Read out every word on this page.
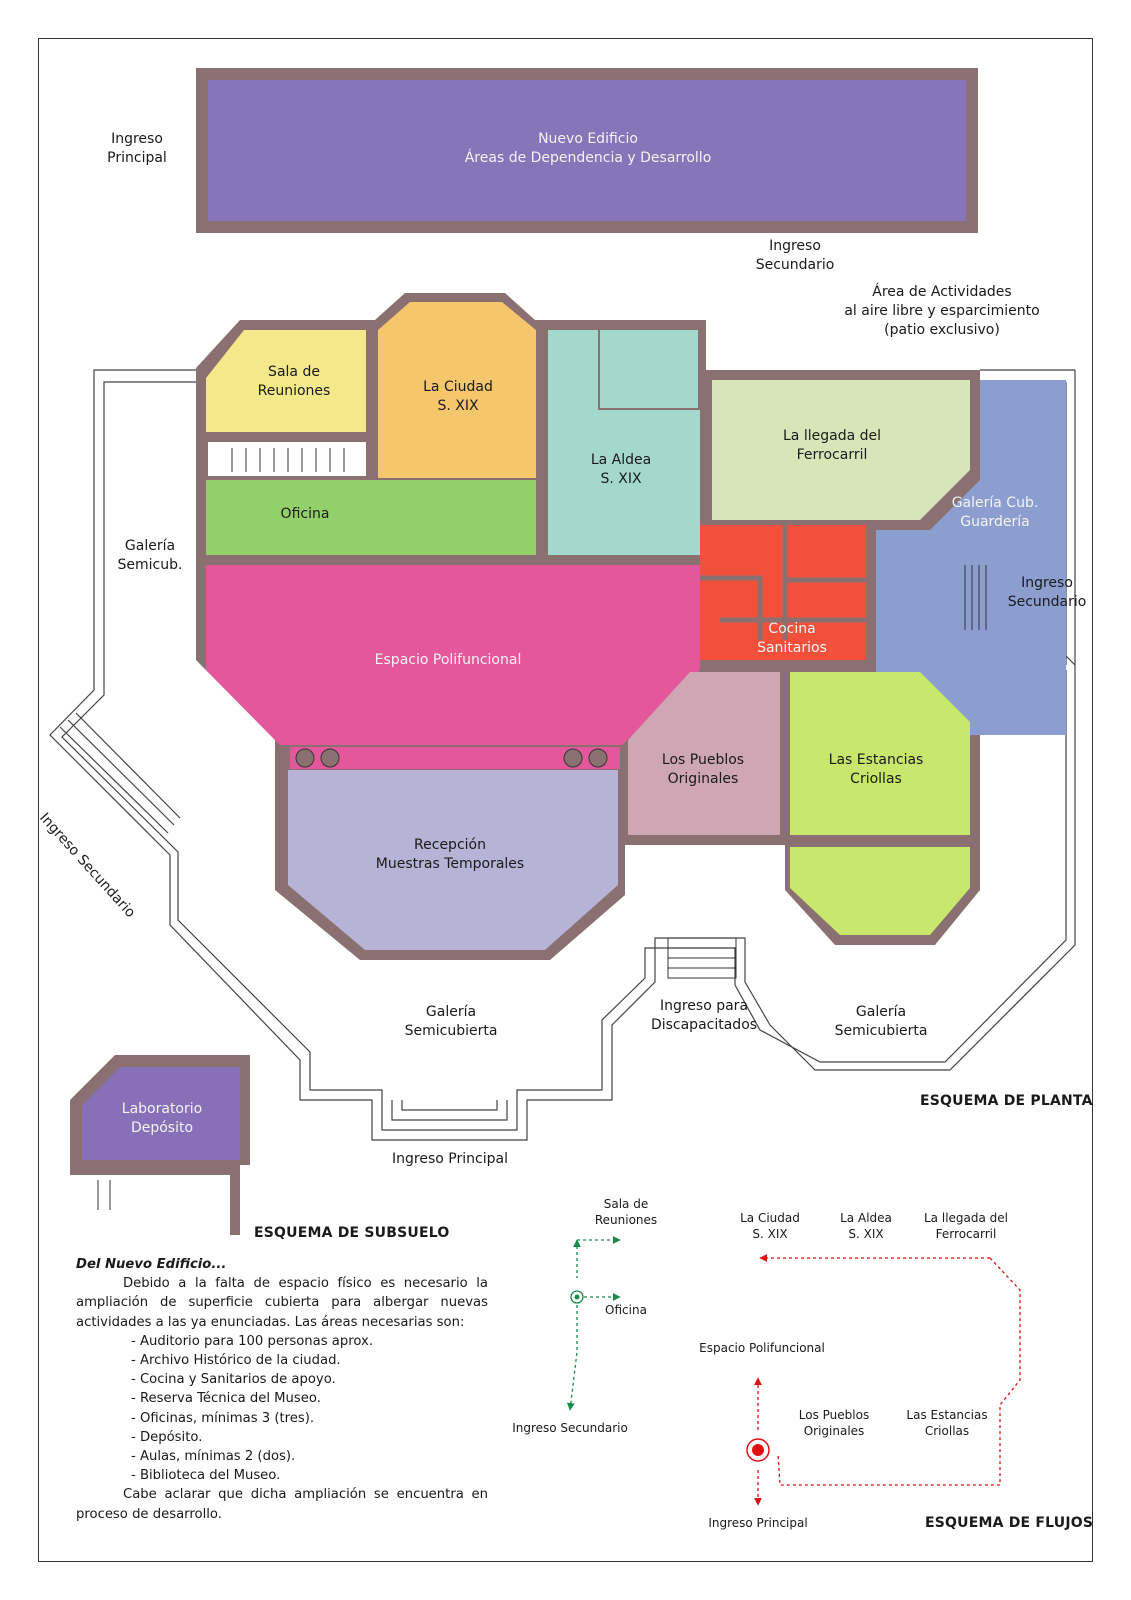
Nuevo Edificio
Áreas de Dependencia y Desarrollo
Ingreso
Principal
Ingreso
Secundario
Área de Actividades
al aire libre y esparcimiento
(patio exclusivo)
Sala de
Reuniones	La Ciudad
S. XIX
La Aldea
S. XIX
La llegada del
Ferrocarril
Oficina
Galería Cub.
Guardería
Ingreso
Secundario
Galería
Semicub.
Cocina
Sanitarios
Espacio Polifuncional
Los Pueblos
Originales
Las Estancias
Criollas
Recepción
Muestras Temporales
Ingreso Secundario
Galería
Semicubierta
Ingreso para
Discapacitados
Galería
Semicubierta
Ingreso Principal
ESQUEMA DE PLANTA
Laboratorio
Depósito
ESQUEMA DE SUBSUELO
Del Nuevo Edificio...
Debido a la falta de espacio físico es necesario la ampliación de superficie cubierta para albergar nuevas actividades a las ya enunciadas. Las áreas necesarias son:
- Auditorio para 100 personas aprox.
- Archivo Histórico de la ciudad.
- Cocina y Sanitarios de apoyo.
- Reserva Técnica del Museo.
- Oficinas, mínimas 3 (tres).
- Depósito.
- Aulas, mínimas 2 (dos).
- Biblioteca del Museo.
Cabe aclarar que dicha ampliación se encuentra en proceso de desarrollo.
Sala de
Reuniones
Oficina
Ingreso Secundario
La Ciudad
S. XIX
La Aldea
S. XIX
La llegada del
Ferrocarril
Espacio Polifuncional
Los Pueblos
Originales
Las Estancias
Criollas
Ingreso Principal	ESQUEMA DE FLUJOS
